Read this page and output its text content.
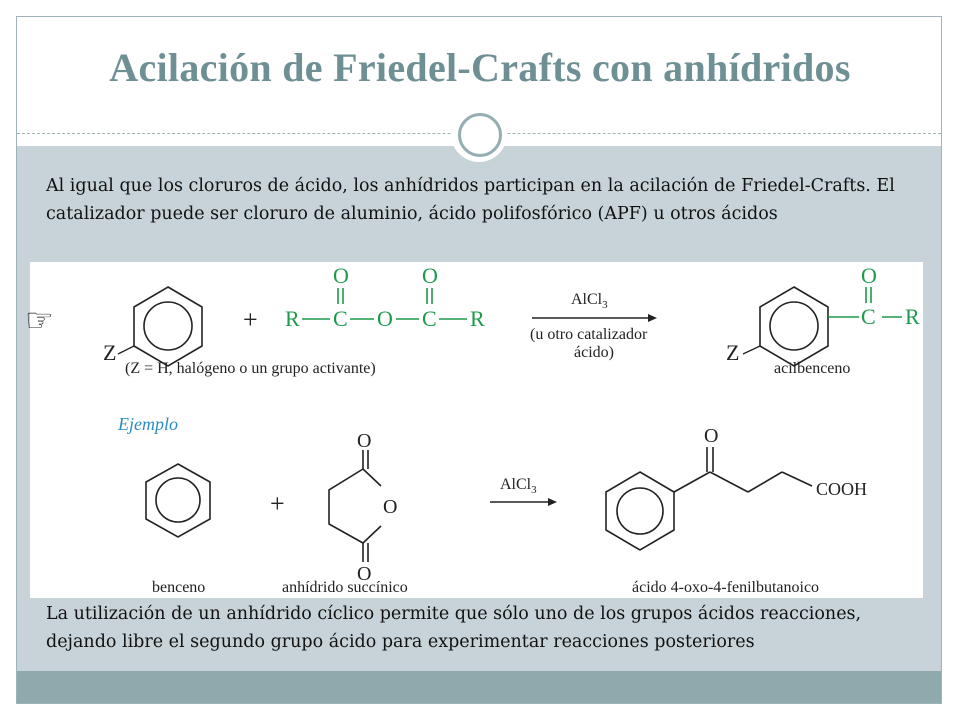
Acilación de Friedel-Crafts con anhídridos

Al igual que los cloruros de ácido, los anhídridos participan en la acilación de Friedel-Crafts. El catalizador puede ser cloruro de aluminio, ácido polifosfórico (APF) u otros ácidos

Z
+
O	O
R C O C R
AlCl$_3$
(u otro catalizador
ácido)
(Z = H, halógeno o un grupo activante)
O
C R
Z
acilbenceno
Ejemplo
+
O
O
O
AlCl$_3$
O
COOH
benceno	anhídrido succínico	ácido 4-oxo-4-fenilbutanoico
☞

La utilización de un anhídrido cíclico permite que sólo uno de los grupos ácidos reacciones, dejando libre el segundo grupo ácido para experimentar reacciones posteriores
